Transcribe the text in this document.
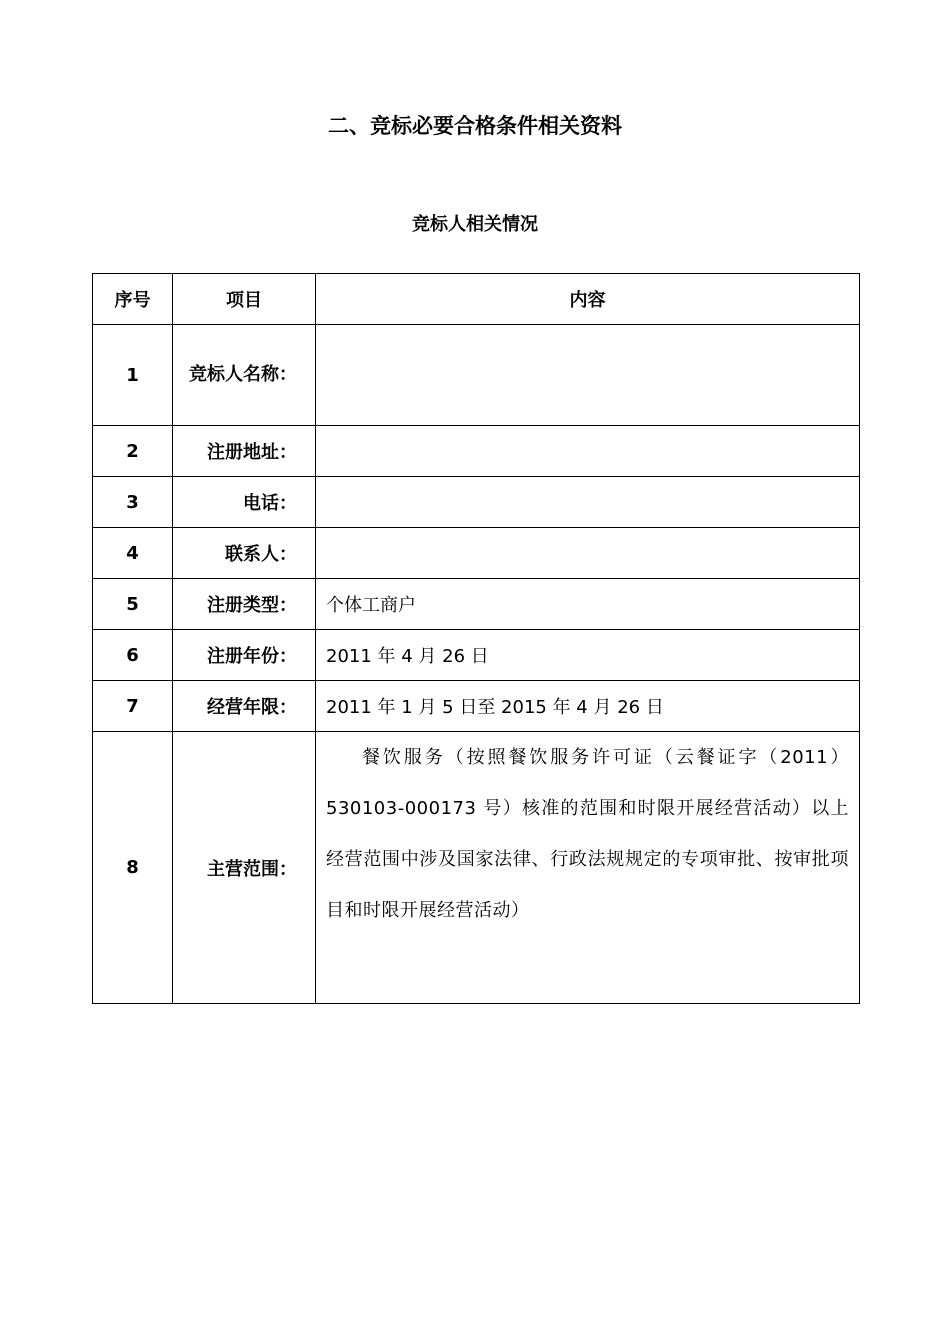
二、竞标必要合格条件相关资料
竞标人相关情况
序号	项目	内容
1	竞标人名称：	
2	注册地址：	
3	电话：	
4	联系人：	
5	注册类型：	个体工商户
6	注册年份：	2011 年 4 月 26 日
7	经营年限：	2011 年 1 月 5 日至 2015 年 4 月 26 日
8	主营范围：	餐饮服务（按照餐饮服务许可证（云餐证字（2011）530103-000173 号）核准的范围和时限开展经营活动）以上经营范围中涉及国家法律、行政法规规定的专项审批、按审批项目和时限开展经营活动）
